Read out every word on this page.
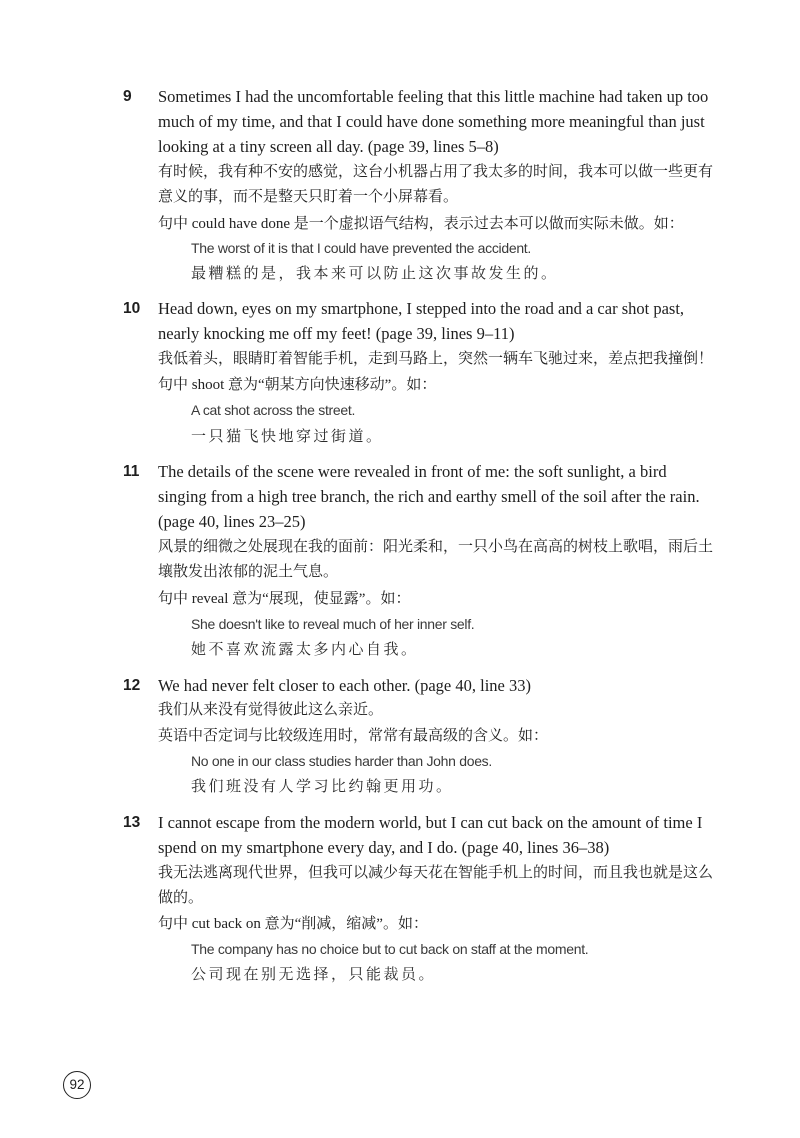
9	Sometimes I had the uncomfortable feeling that this little machine had taken up too
much of my time, and that I could have done something more meaningful than just
looking at a tiny screen all day. (page 39, lines 5–8)
有时候，我有种不安的感觉，这台小机器占用了我太多的时间，我本可以做一些更有
意义的事，而不是整天只盯着一个小屏幕看。
句中 could have done 是一个虚拟语气结构，表示过去本可以做而实际未做。如：
The worst of it is that I could have prevented the accident.
最糟糕的是，我本来可以防止这次事故发生的。
10	Head down, eyes on my smartphone, I stepped into the road and a car shot past,
nearly knocking me off my feet! (page 39, lines 9–11)
我低着头，眼睛盯着智能手机，走到马路上，突然一辆车飞驰过来，差点把我撞倒！
句中 shoot 意为“朝某方向快速移动”。如：
A cat shot across the street.
一只猫飞快地穿过街道。
11	The details of the scene were revealed in front of me: the soft sunlight, a bird
singing from a high tree branch, the rich and earthy smell of the soil after the rain.
(page 40, lines 23–25)
风景的细微之处展现在我的面前：阳光柔和，一只小鸟在高高的树枝上歌唱，雨后土
壤散发出浓郁的泥土气息。
句中 reveal 意为“展现，使显露”。如：
She doesn't like to reveal much of her inner self.
她不喜欢流露太多内心自我。
12	We had never felt closer to each other. (page 40, line 33)
我们从来没有觉得彼此这么亲近。
英语中否定词与比较级连用时，常常有最高级的含义。如：
No one in our class studies harder than John does.
我们班没有人学习比约翰更用功。
13	I cannot escape from the modern world, but I can cut back on the amount of time I
spend on my smartphone every day, and I do. (page 40, lines 36–38)
我无法逃离现代世界，但我可以减少每天花在智能手机上的时间，而且我也就是这么
做的。
句中 cut back on 意为“削减，缩减”。如：
The company has no choice but to cut back on staff at the moment.
公司现在别无选择，只能裁员。
92
